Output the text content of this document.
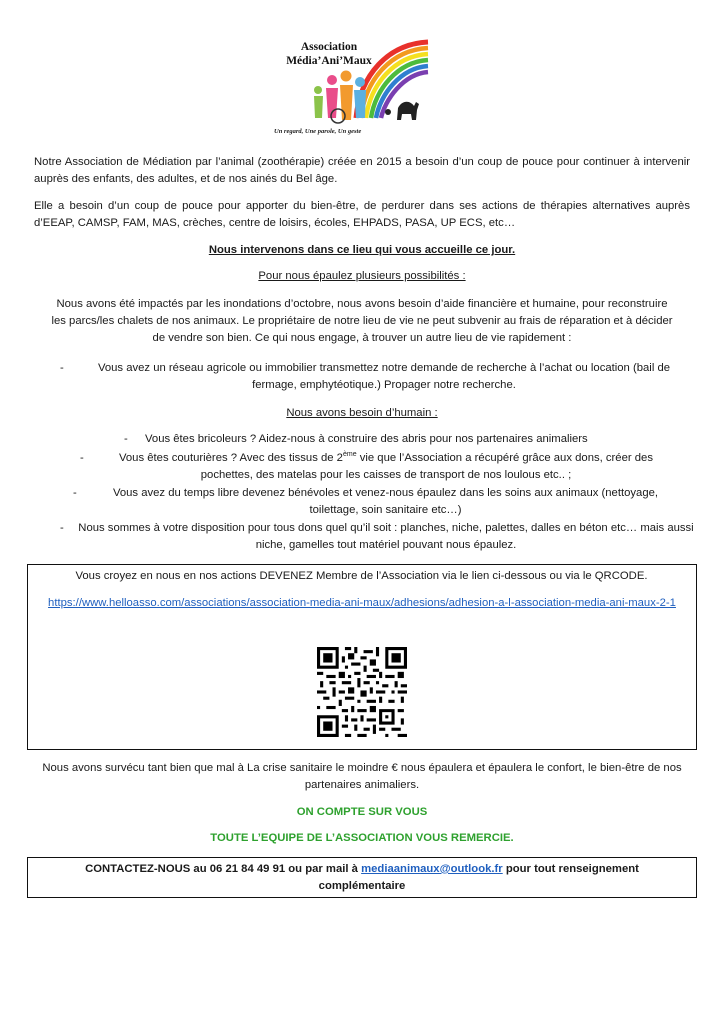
Association
Média’Ani’Maux
Un regard, Une parole, Un geste

Notre Association de Médiation par l’animal (zoothérapie) créée en 2015 a besoin d’un coup de pouce pour continuer à intervenir auprès des enfants, des adultes, et de nos ainés du Bel âge.

Elle a besoin d’un coup de pouce pour apporter du bien-être, de perdurer dans ses actions de thérapies alternatives auprès d’EEAP, CAMSP, FAM, MAS, crèches, centre de loisirs, écoles, EHPADS, PASA, UP ECS, etc…

Nous intervenons dans ce lieu qui vous accueille ce jour.
Pour nous épaulez plusieurs possibilités :

Nous avons été impactés par les inondations d’octobre, nous avons besoin d’aide financière et humaine, pour reconstruire les parcs/les chalets de nos animaux. Le propriétaire de notre lieu de vie ne peut subvenir au frais de réparation et à décider de vendre son bien. Ce qui nous engage, à trouver un autre lieu de vie rapidement :

-	Vous avez un réseau agricole ou immobilier transmettez notre demande de recherche à l’achat ou location (bail de fermage, emphytéotique.) Propager notre recherche.

Nous avons besoin d’humain :
- Vous êtes bricoleurs ? Aidez-nous à construire des abris pour nos partenaires animaliers

-	Vous êtes couturières ? Avec des tissus de 2ème vie que l’Association a récupéré grâce aux dons, créer des pochettes, des matelas pour les caisses de transport de nos loulous etc.. ;

-	Vous avez du temps libre devenez bénévoles et venez-nous épaulez dans les soins aux animaux (nettoyage, toilettage, soin sanitaire etc…)

- Nous sommes à votre disposition pour tous dons quel qu’il soit : planches, niche, palettes, dalles en béton etc… mais aussi niche, gamelles tout matériel pouvant nous épaulez.

Vous croyez en nous en nos actions DEVENEZ Membre de l’Association via le lien ci-dessous ou via le QRCODE.
https://www.helloasso.com/associations/association-media-ani-maux/adhesions/adhesion-a-l-association-media-ani-maux-2-1

Nous avons survécu tant bien que mal à La crise sanitaire le moindre € nous épaulera et épaulera le confort, le bien-être de nos partenaires animaliers.

ON COMPTE SUR VOUS
TOUTE L’EQUIPE DE L’ASSOCIATION VOUS REMERCIE.

CONTACTEZ-NOUS au 06 21 84 49 91 ou par mail à mediaanimaux@outlook.fr pour tout renseignement complémentaire
